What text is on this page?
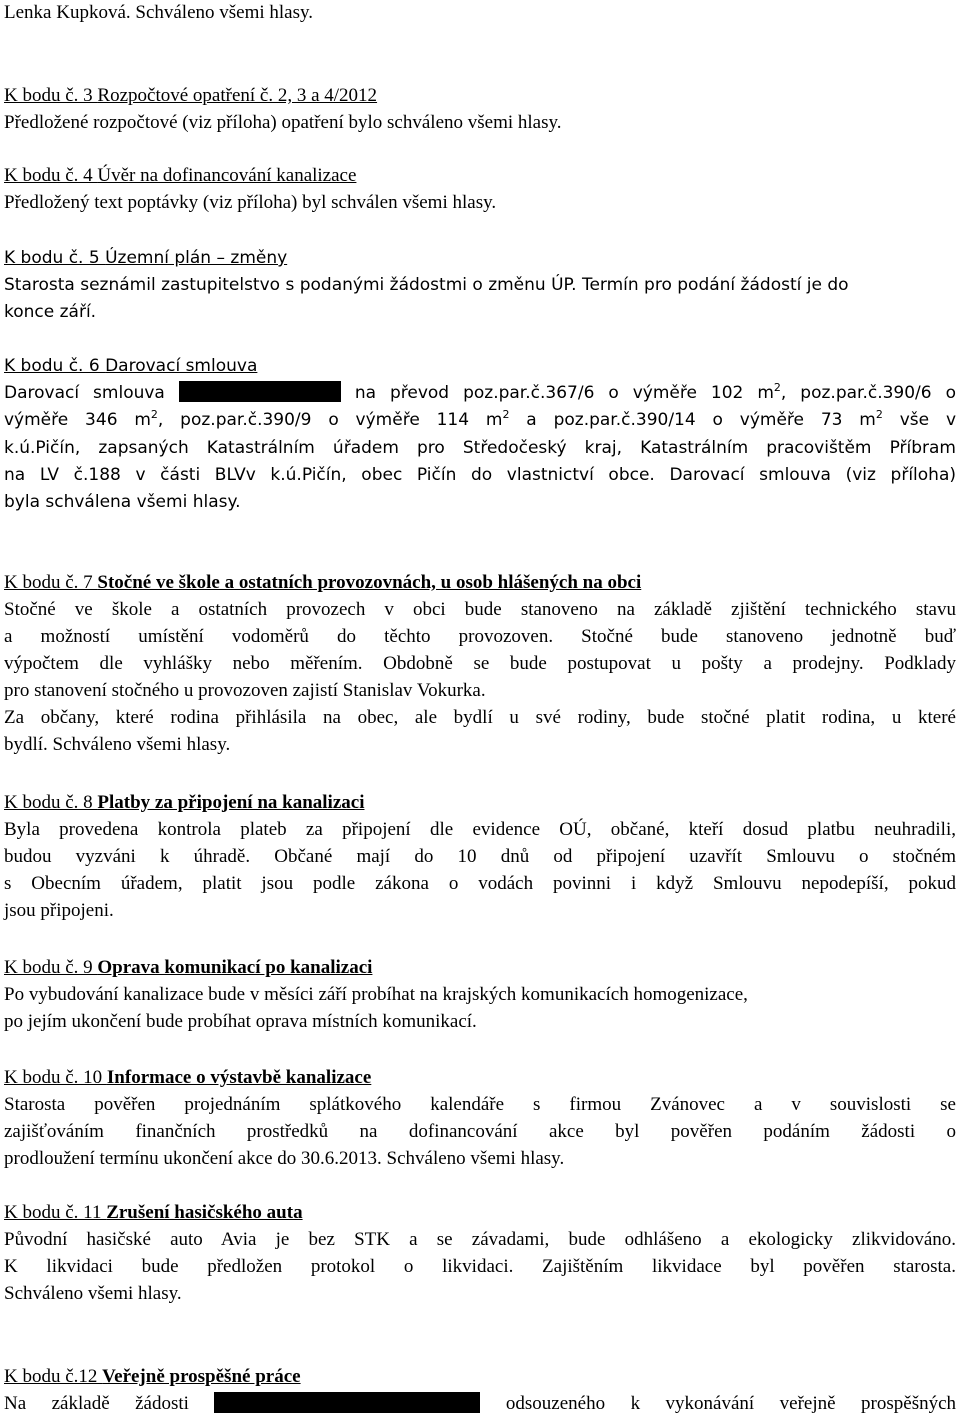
Lenka Kupková. Schváleno všemi hlasy.

K bodu č. 3 Rozpočtové opatření č. 2, 3 a 4/2012

Předložené rozpočtové (viz příloha) opatření bylo schváleno všemi hlasy.

K bodu č. 4 Úvěr na dofinancování kanalizace

Předložený text poptávky (viz příloha) byl schválen všemi hlasy.

K bodu č. 5 Územní plán – změny

Starosta seznámil zastupitelstvo s podanými žádostmi o změnu ÚP. Termín pro podání žádostí je do

konce září.

K bodu č. 6 Darovací smlouva

Darovací smlouva	na převod poz.par.č.367/6 o výměře 102 $m^2$, poz.par.č.390/6 o

výměře 346 $m^2$, poz.par.č.390/9 o výměře 114 $m^2$ a poz.par.č.390/14 o výměře 73 $m^2$ vše v

k.ú.Pičín, zapsaných Katastrálním úřadem pro Středočeský kraj, Katastrálním pracovištěm Příbram

na LV č.188 v části BLVv k.ú.Pičín, obec Pičín do vlastnictví obce. Darovací smlouva (viz příloha)

byla schválena všemi hlasy.

K bodu č. 7 Stočné ve škole a ostatních provozovnách, u osob hlášených na obci

Stočné ve škole a ostatních provozech v obci bude stanoveno na základě zjištění technického stavu

a možností umístění vodoměrů do těchto provozoven. Stočné bude stanoveno jednotně buď

výpočtem dle vyhlášky nebo měřením. Obdobně se bude postupovat u pošty a prodejny. Podklady

pro stanovení stočného u provozoven zajistí Stanislav Vokurka.

Za občany, které rodina přihlásila na obec, ale bydlí u své rodiny, bude stočné platit rodina, u které

bydlí. Schváleno všemi hlasy.

K bodu č. 8 Platby za připojení na kanalizaci

Byla provedena kontrola plateb za připojení dle evidence OÚ, občané, kteří dosud platbu neuhradili,

budou vyzváni k úhradě. Občané mají do 10 dnů od připojení uzavřít Smlouvu o stočném

s Obecním úřadem, platit jsou podle zákona o vodách povinni i když Smlouvu nepodepíší, pokud

jsou připojeni.

K bodu č. 9 Oprava komunikací po kanalizaci

Po vybudování kanalizace bude v měsíci září probíhat na krajských komunikacích homogenizace,

po jejím ukončení bude probíhat oprava místních komunikací.

K bodu č. 10 Informace o výstavbě kanalizace

Starosta pověřen projednáním splátkového kalendáře s firmou Zvánovec a v souvislosti se

zajišťováním finančních prostředků na dofinancování akce byl pověřen podáním žádosti o

prodloužení termínu ukončení akce do 30.6.2013. Schváleno všemi hlasy.

K bodu č. 11 Zrušení hasičského auta

Původní hasičské auto Avia je bez STK a se závadami, bude odhlášeno a ekologicky zlikvidováno.

K likvidaci bude předložen protokol o likvidaci. Zajištěním likvidace byl pověřen starosta.

Schváleno všemi hlasy.

K bodu č.12 Veřejně prospěšné práce

Na základě žádosti	odsouzeného k vykonávání veřejně prospěšných
